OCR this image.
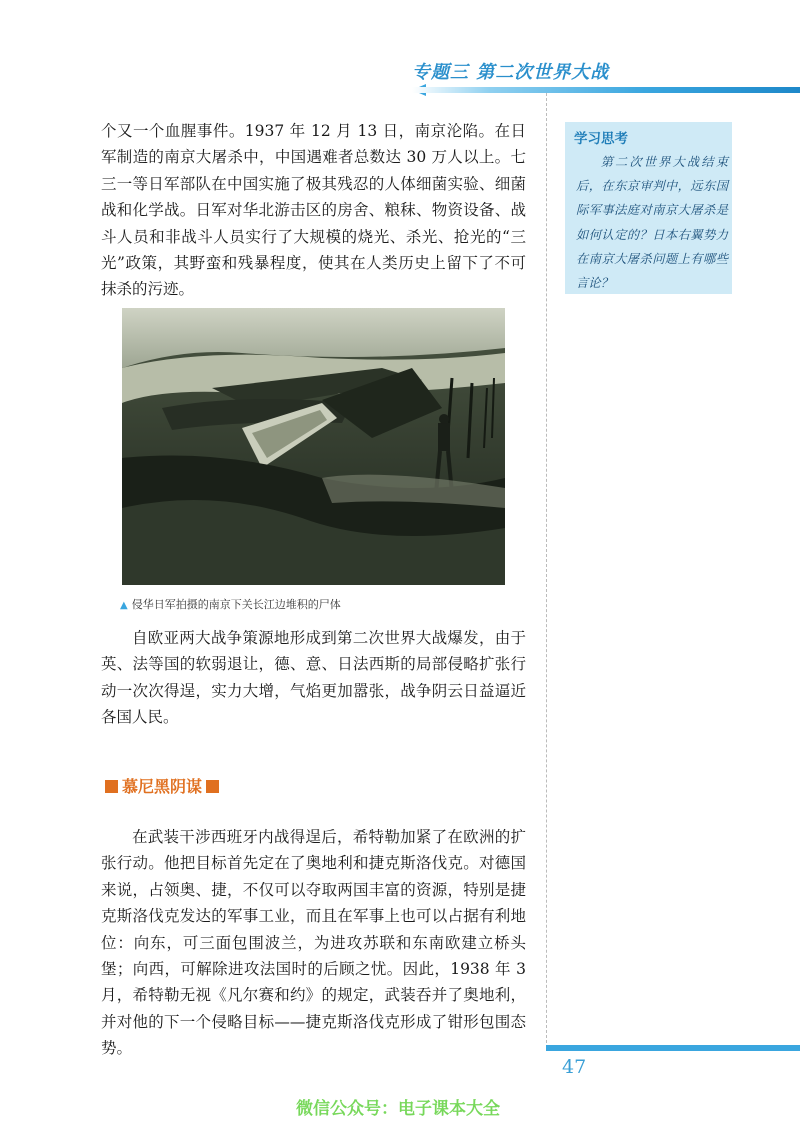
专题三 第二次世界大战
个又一个血腥事件。1937 年 12 月 13 日，南京沦陷。在日军制造的南京大屠杀中，中国遇难者总数达 30 万人以上。七三一等日军部队在中国实施了极其残忍的人体细菌实验、细菌战和化学战。日军对华北游击区的房舍、粮秣、物资设备、战斗人员和非战斗人员实行了大规模的烧光、杀光、抢光的“三光”政策，其野蛮和残暴程度，使其在人类历史上留下了不可抹杀的污迹。
▲ 侵华日军拍摄的南京下关长江边堆积的尸体
自欧亚两大战争策源地形成到第二次世界大战爆发，由于英、法等国的软弱退让，德、意、日法西斯的局部侵略扩张行动一次次得逞，实力大增，气焰更加嚣张，战争阴云日益逼近各国人民。
慕尼黑阴谋
在武装干涉西班牙内战得逞后，希特勒加紧了在欧洲的扩张行动。他把目标首先定在了奥地利和捷克斯洛伐克。对德国来说，占领奥、捷，不仅可以夺取两国丰富的资源，特别是捷克斯洛伐克发达的军事工业，而且在军事上也可以占据有利地位：向东，可三面包围波兰，为进攻苏联和东南欧建立桥头堡；向西，可解除进攻法国时的后顾之忧。因此，1938 年 3 月，希特勒无视《凡尔赛和约》的规定，武装吞并了奥地利，并对他的下一个侵略目标——捷克斯洛伐克形成了钳形包围态势。
学习思考
第二次世界大战结束后，在东京审判中，远东国际军事法庭对南京大屠杀是如何认定的？日本右翼势力在南京大屠杀问题上有哪些言论？
47
微信公众号：电子课本大全
